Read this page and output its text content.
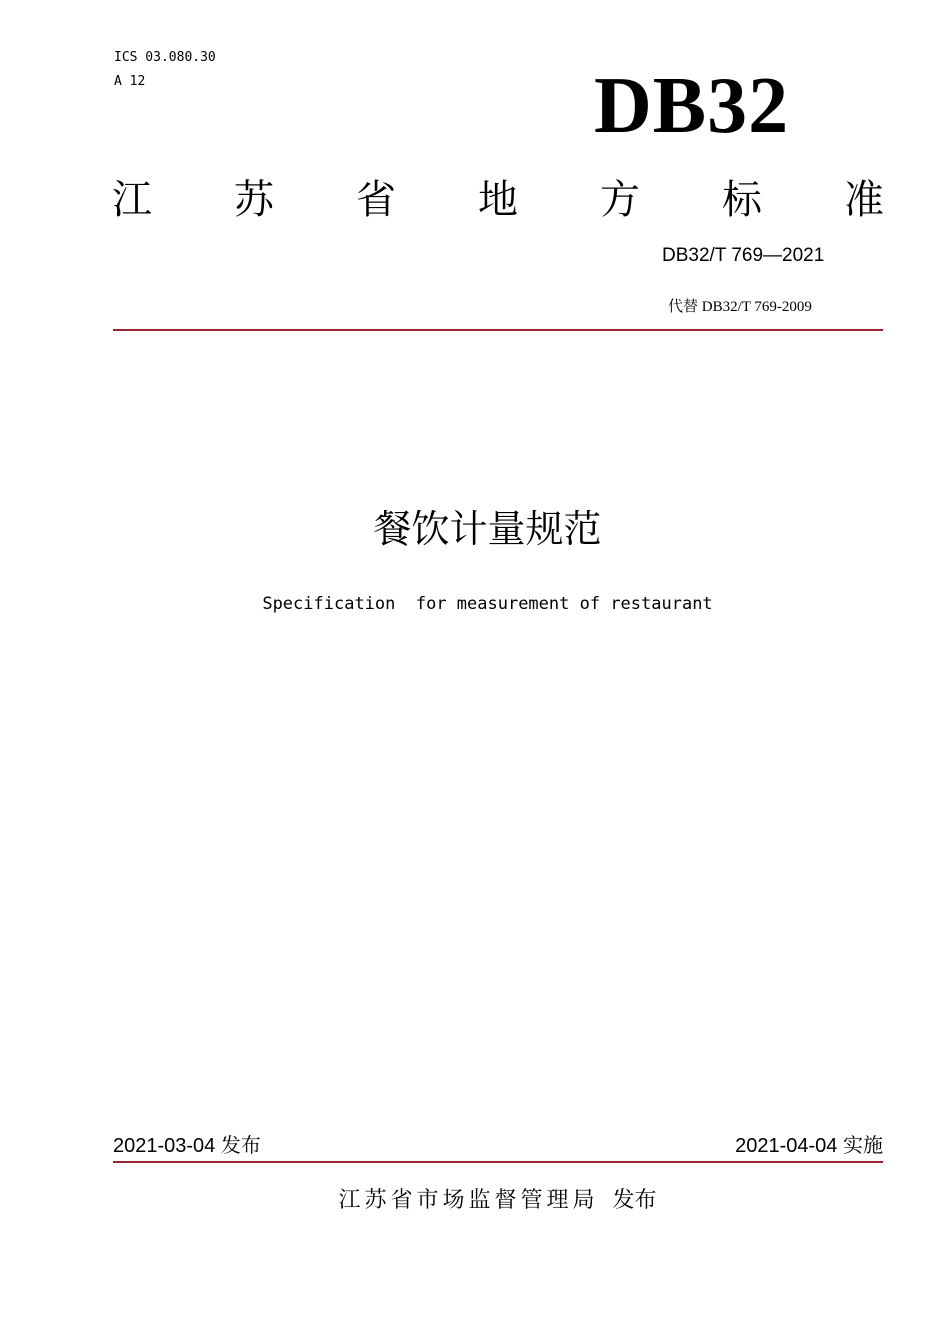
ICS 03.080.30
A 12	DB32
江 苏 省 地 方 标 准
DB32/T 769—2021
代替 DB32/T 769-2009
餐饮计量规范
Specification  for measurement of restaurant
2021-03-04 发布	2021-04-04 实施
江苏省市场监督管理局 发布
